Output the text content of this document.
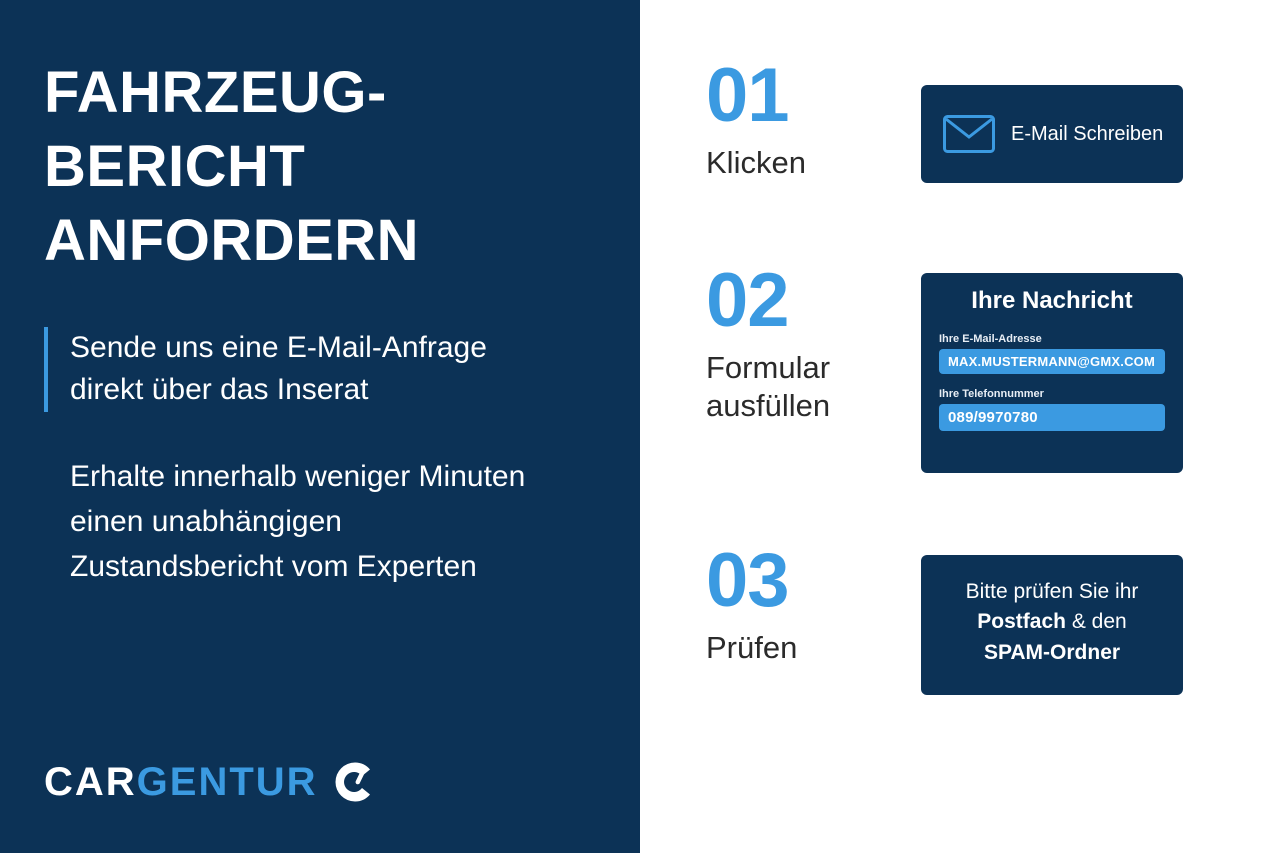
FAHRZEUG-
BERICHT
ANFORDERN
Sende uns eine E-Mail-Anfrage
direkt über das Inserat
Erhalte innerhalb weniger Minuten
einen unabhängigen
Zustandsbericht vom Experten
CAR GENTUR
01
Klicken
E-Mail Schreiben
02
Formular
ausfüllen
Ihre Nachricht
Ihre E-Mail-Adresse
MAX.MUSTERMANN@GMX.COM
Ihre Telefonnummer
089/9970780
03
Prüfen
Bitte prüfen Sie ihr
Postfach & den
SPAM-Ordner
